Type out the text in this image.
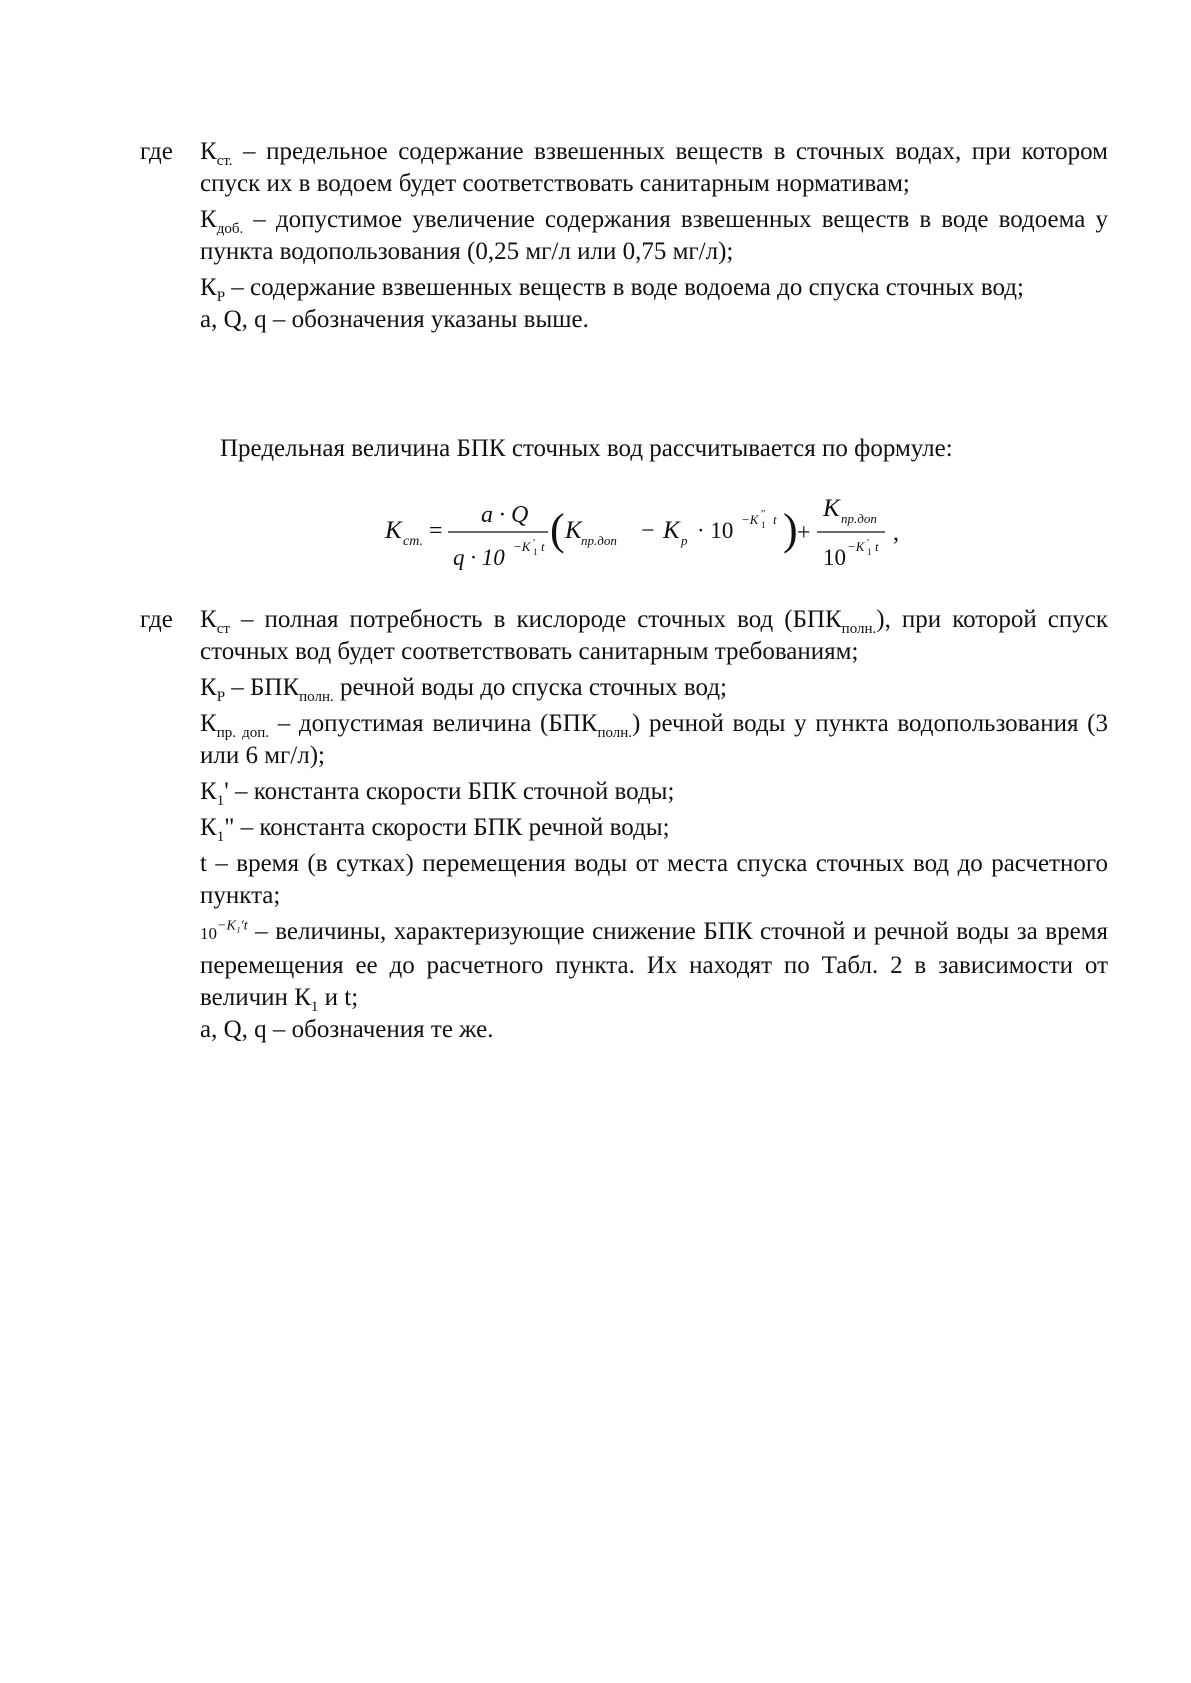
где	$К_{ст.}$ – предельное содержание взвешенных веществ в сточных водах, при котором спуск их в водоем будет соответствовать санитарным нормативам;
$К_{доб.}$ – допустимое увеличение содержания взвешенных веществ в воде водоема у пункта водопользования (0,25 мг/л или 0,75 мг/л);
$К_Р$ – содержание взвешенных веществ в воде водоема до спуска сточных вод;
a, Q, q – обозначения указаны выше.
Предельная величина БПК сточных вод рассчитывается по формуле:
K ст. =
a · Q
q · 10 −K 1
′ t ( K пр.доп − K р · 10 −K 1
″ t ) +
K пр.доп
10 −K 1
′ t
,
где	$К_{ст}$ – полная потребность в кислороде сточных вод $(БПК_{полн.})$, при которой спуск сточных вод будет соответствовать санитарным требованиям;
$К_Р - БПК_{полн.}$ речной воды до спуска сточных вод;
$К_{пр. доп.}$ – допустимая величина $(БПК_{полн.})$ речной воды у пункта водопользования (3 или 6 мг/л);
$К_1'$ – константа скорости БПК сточной воды;
$К_1$" – константа скорости БПК речной воды;
t – время (в сутках) перемещения воды от места спуска сточных вод до расчетного пункта;
$10^{-K_1't}$ – величины, характеризующие снижение БПК сточной и речной воды за время перемещения ее до расчетного пункта. Их находят по Табл. 2 в зависимости от величин $К_1$ и t;
a, Q, q – обозначения те же.
